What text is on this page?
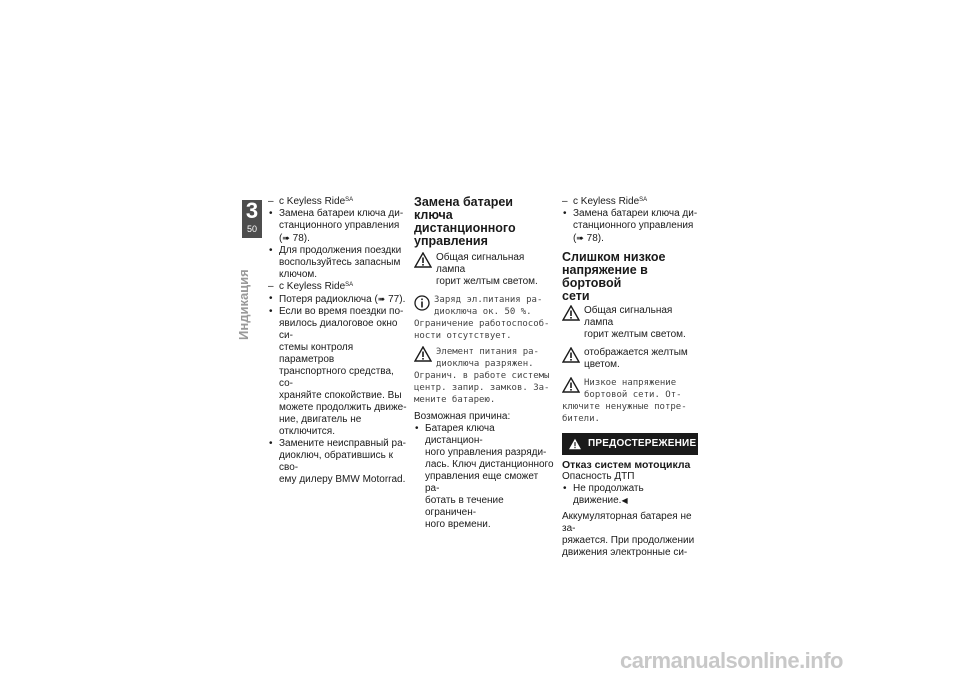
3
50
Индикация

– с Keyless Ride$^{SA}$

• Замена батареи ключа ди-

станционного управления

(➠ 78).

• Для продолжения поездки

воспользуйтесь запасным

ключом.

– с Keyless Ride$^{SA}$

• Потеря радиоключа (➠ 77).

• Если во время поездки по-

явилось диалоговое окно си-

стемы контроля параметров

транспортного средства, со-

храняйте спокойствие. Вы

можете продолжить движе-

ние, двигатель не отключится.

• Замените неисправный ра-

диоключ, обратившись к сво-

ему дилеру BMW Motorrad.

Замена батареи ключа

дистанционного

управления

Общая сигнальная лампа

горит желтым светом.

Заряд эл.питания ра-

диоключа ок. 50 %.

Ограничение работоспособ-

ности отсутствует.

Элемент питания ра-

диоключа разряжен.

Огранич. в работе системы

центр. запир. замков. За-

мените батарею.

Возможная причина:

• Батарея ключа дистанцион-

ного управления разряди-

лась. Ключ дистанционного

управления еще сможет ра-

ботать в течение ограничен-

ного времени.

– с Keyless Ride$^{SA}$

• Замена батареи ключа ди-

станционного управления

(➠ 78).

Слишком низкое

напряжение в бортовой

сети

Общая сигнальная лампа

горит желтым светом.

отображается желтым

цветом.

Низкое напряжение

бортовой сети. От-

ключите ненужные потре-

бители.

ПРЕДОСТЕРЕЖЕНИЕ

Отказ систем мотоцикла

Опасность ДТП

• Не продолжать движение.◀

Аккумуляторная батарея не за-

ряжается. При продолжении

движения электронные си-

carmanualsonline.info
